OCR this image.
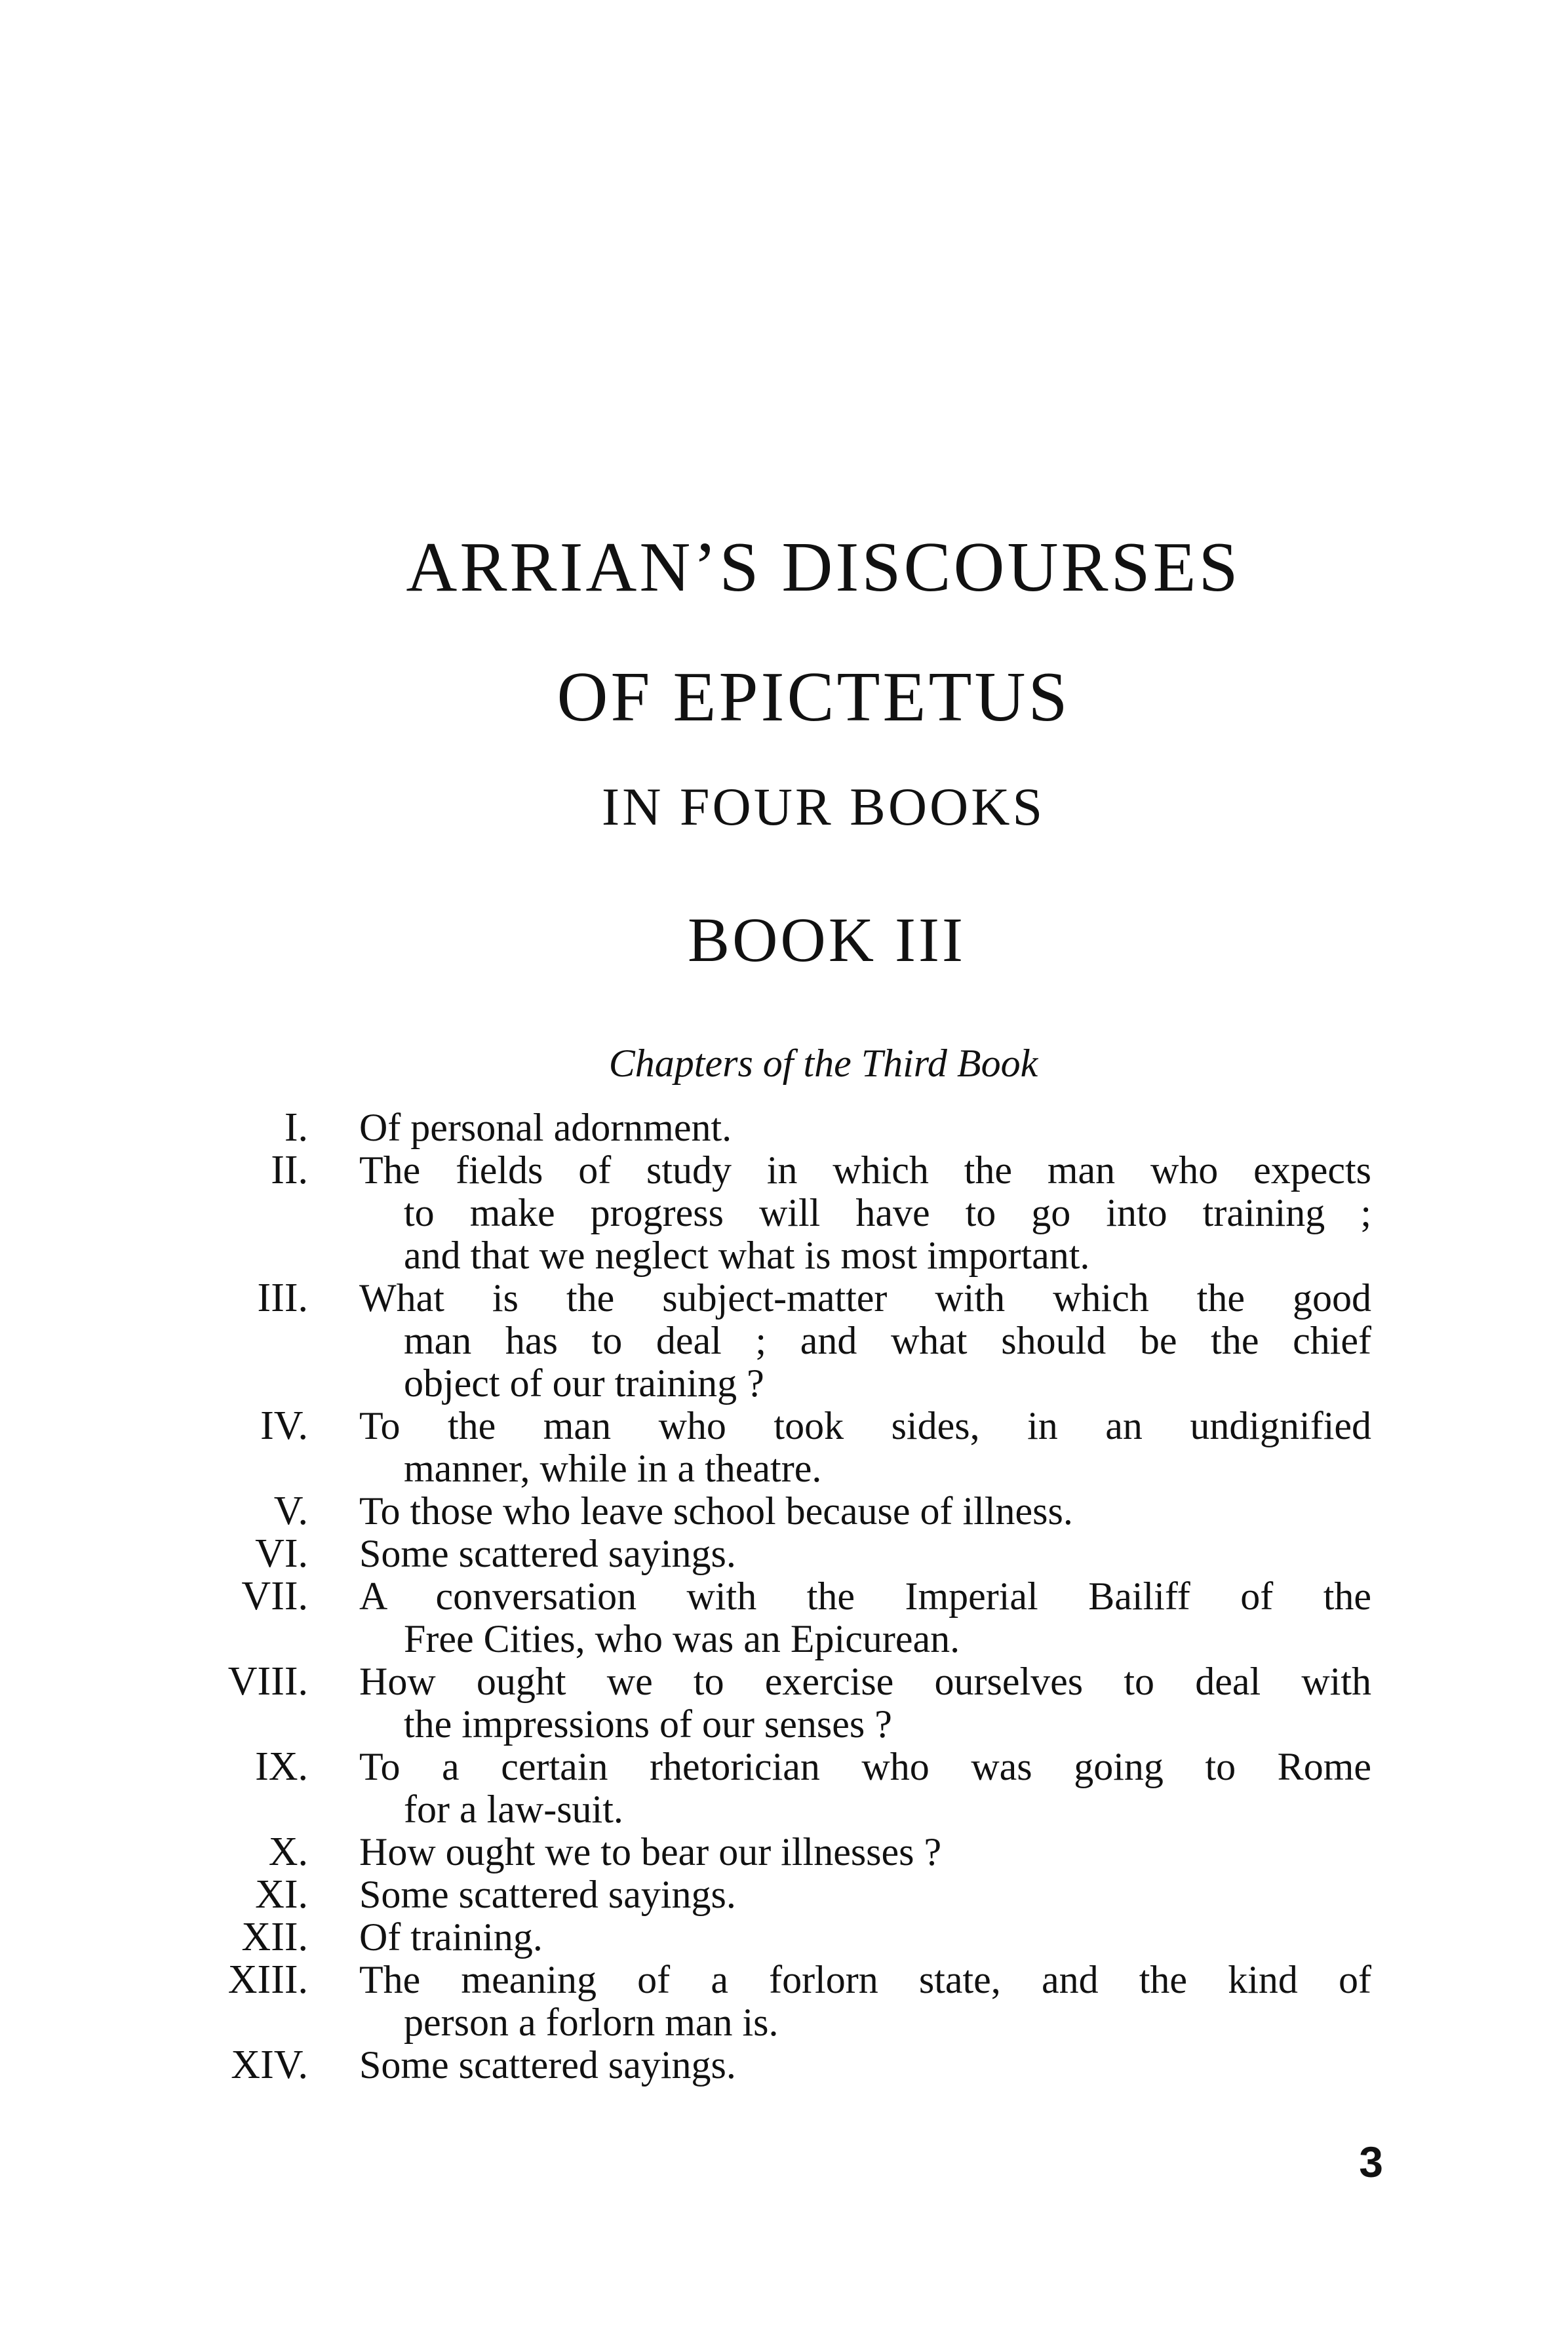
ARRIAN’S DISCOURSES
OF EPICTETUS
IN FOUR BOOKS
BOOK III
Chapters of the Third Book
I. Of personal adornment.
II. The fields of study in which the man who expects
to make progress will have to go into training ;
and that we neglect what is most important.
III. What is the subject-matter with which the good
man has to deal ; and what should be the chief
object of our training ?
IV. To the man who took sides, in an undignified
manner, while in a theatre.
V. To those who leave school because of illness.
VI. Some scattered sayings.
VII. A conversation with the Imperial Bailiff of the
Free Cities, who was an Epicurean.
VIII. How ought we to exercise ourselves to deal with
the impressions of our senses ?
IX. To a certain rhetorician who was going to Rome
for a law-suit.
X. How ought we to bear our illnesses ?
XI. Some scattered sayings.
XII. Of training.
XIII. The meaning of a forlorn state, and the kind of
person a forlorn man is.
XIV. Some scattered sayings.
3
